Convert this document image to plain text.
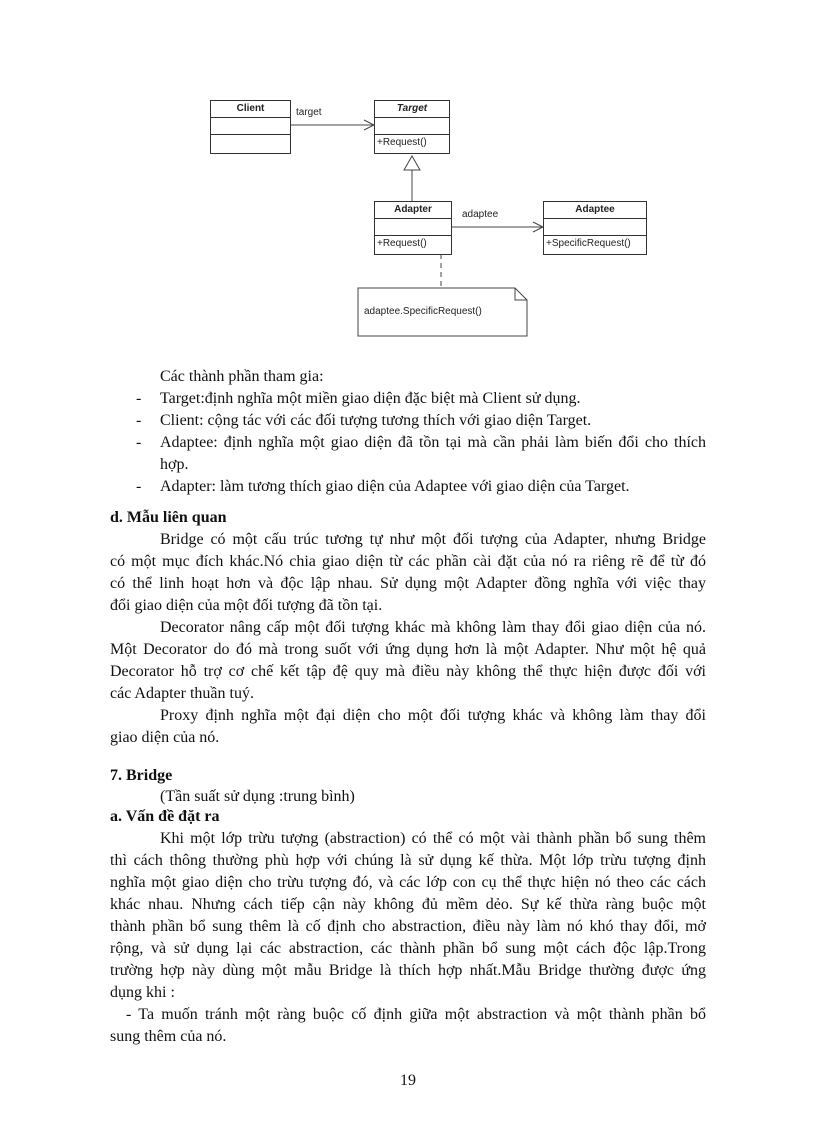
Client	Target
+Request()
Adapter
+Request()
Adaptee
+SpecificRequest()
target
adaptee
adaptee.SpecificRequest()
Các thành phần tham gia:
- Target:định nghĩa một miền giao diện đặc biệt mà Client sử dụng.
- Client: cộng tác với các đối tượng tương thích với giao diện Target.
- Adaptee: định nghĩa một giao diện đã tồn tại mà cần phải làm biến đổi cho thích
hợp.
- Adapter: làm tương thích giao diện của Adaptee với giao diện của Target.
d. Mẫu liên quan
Bridge có một cấu trúc tương tự như một đối tượng của Adapter, nhưng Bridge
có một mục đích khác.Nó chia giao diện từ các phần cài đặt của nó ra riêng rẽ để từ đó
có thể linh hoạt hơn và độc lập nhau. Sử dụng một Adapter đồng nghĩa với việc thay
đổi giao diện của một đối tượng đã tồn tại.
Decorator nâng cấp một đối tượng khác mà không làm thay đổi giao diện của nó.
Một Decorator do đó mà trong suốt với ứng dụng hơn là một Adapter. Như một hệ quả
Decorator hỗ trợ cơ chế kết tập đệ quy mà điều này không thể thực hiện được đối với
các Adapter thuần tuý.
Proxy định nghĩa một đại diện cho một đối tượng khác và không làm thay đổi
giao diện của nó.
7. Bridge
(Tần suất sử dụng :trung bình)
a. Vấn đề đặt ra
Khi một lớp trừu tượng (abstraction) có thể có một vài thành phần bổ sung thêm
thì cách thông thường phù hợp với chúng là sử dụng kế thừa. Một lớp trừu tượng định
nghĩa một giao diện cho trừu tượng đó, và các lớp con cụ thể thực hiện nó theo các cách
khác nhau. Nhưng cách tiếp cận này không đủ mềm dẻo. Sự kế thừa ràng buộc một
thành phần bổ sung thêm là cố định cho abstraction, điều này làm nó khó thay đổi, mở
rộng, và sử dụng lại các abstraction, các thành phần bổ sung một cách độc lập.Trong
trường hợp này dùng một mẫu Bridge là thích hợp nhất.Mẫu Bridge thường được ứng
dụng khi :
- Ta muốn tránh một ràng buộc cố định giữa một abstraction và một thành phần bổ
sung thêm của nó.
19
